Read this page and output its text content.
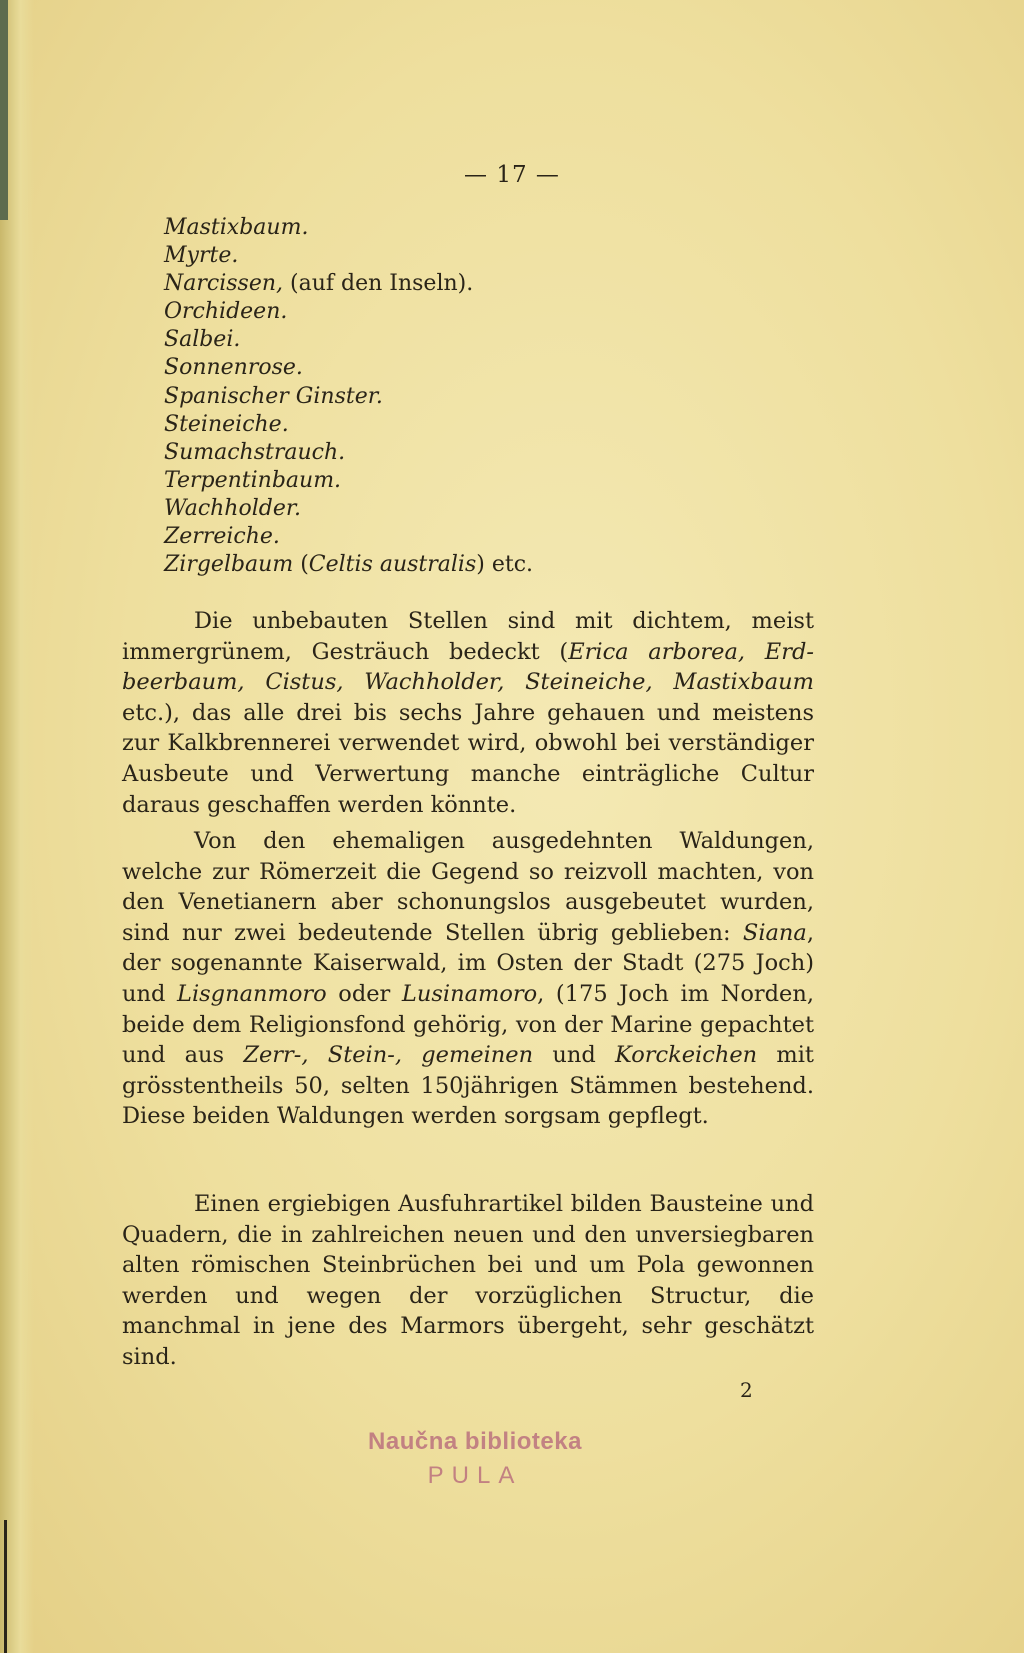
— 17 —
Mastixbaum.
Myrte.
Narcissen, (auf den Inseln).
Orchideen.
Salbei.
Sonnenrose.
Spanischer Ginster.
Steineiche.
Sumachstrauch.
Terpentinbaum.
Wachholder.
Zerreiche.
Zirgelbaum (Celtis australis) etc.

Die unbebauten Stellen sind mit dichtem, meist immergrünem, Gesträuch bedeckt (Erica arborea, Erdbeerbaum, Cistus, Wachholder, Steineiche, Mastixbaum etc.), das alle drei bis sechs Jahre gehauen und meistens zur Kalkbrennerei verwendet wird, obwohl bei verständiger Ausbeute und Verwertung manche einträgliche Cultur daraus geschaffen werden könnte.

Von den ehemaligen ausgedehnten Waldungen, welche zur Römerzeit die Gegend so reizvoll machten, von den Venetianern aber schonungslos ausgebeutet wurden, sind nur zwei bedeutende Stellen übrig geblieben: Siana, der sogenannte Kaiserwald, im Osten der Stadt (275 Joch) und Lisgnanmoro oder Lusinamoro, (175 Joch im Norden, beide dem Religionsfond gehörig, von der Marine gepachtet und aus Zerr-, Stein-, gemeinen und Korckeichen mit grösstentheils 50, selten 150jährigen Stämmen bestehend. Diese beiden Waldungen werden sorgsam gepflegt.

Einen ergiebigen Ausfuhrartikel bilden Bausteine und Quadern, die in zahlreichen neuen und den unversiegbaren alten römischen Steinbrüchen bei und um Pola gewonnen werden und wegen der vorzüglichen Structur, die manchmal in jene des Marmors übergeht, sehr geschätzt sind.

2
Naučna biblioteka
PULA
